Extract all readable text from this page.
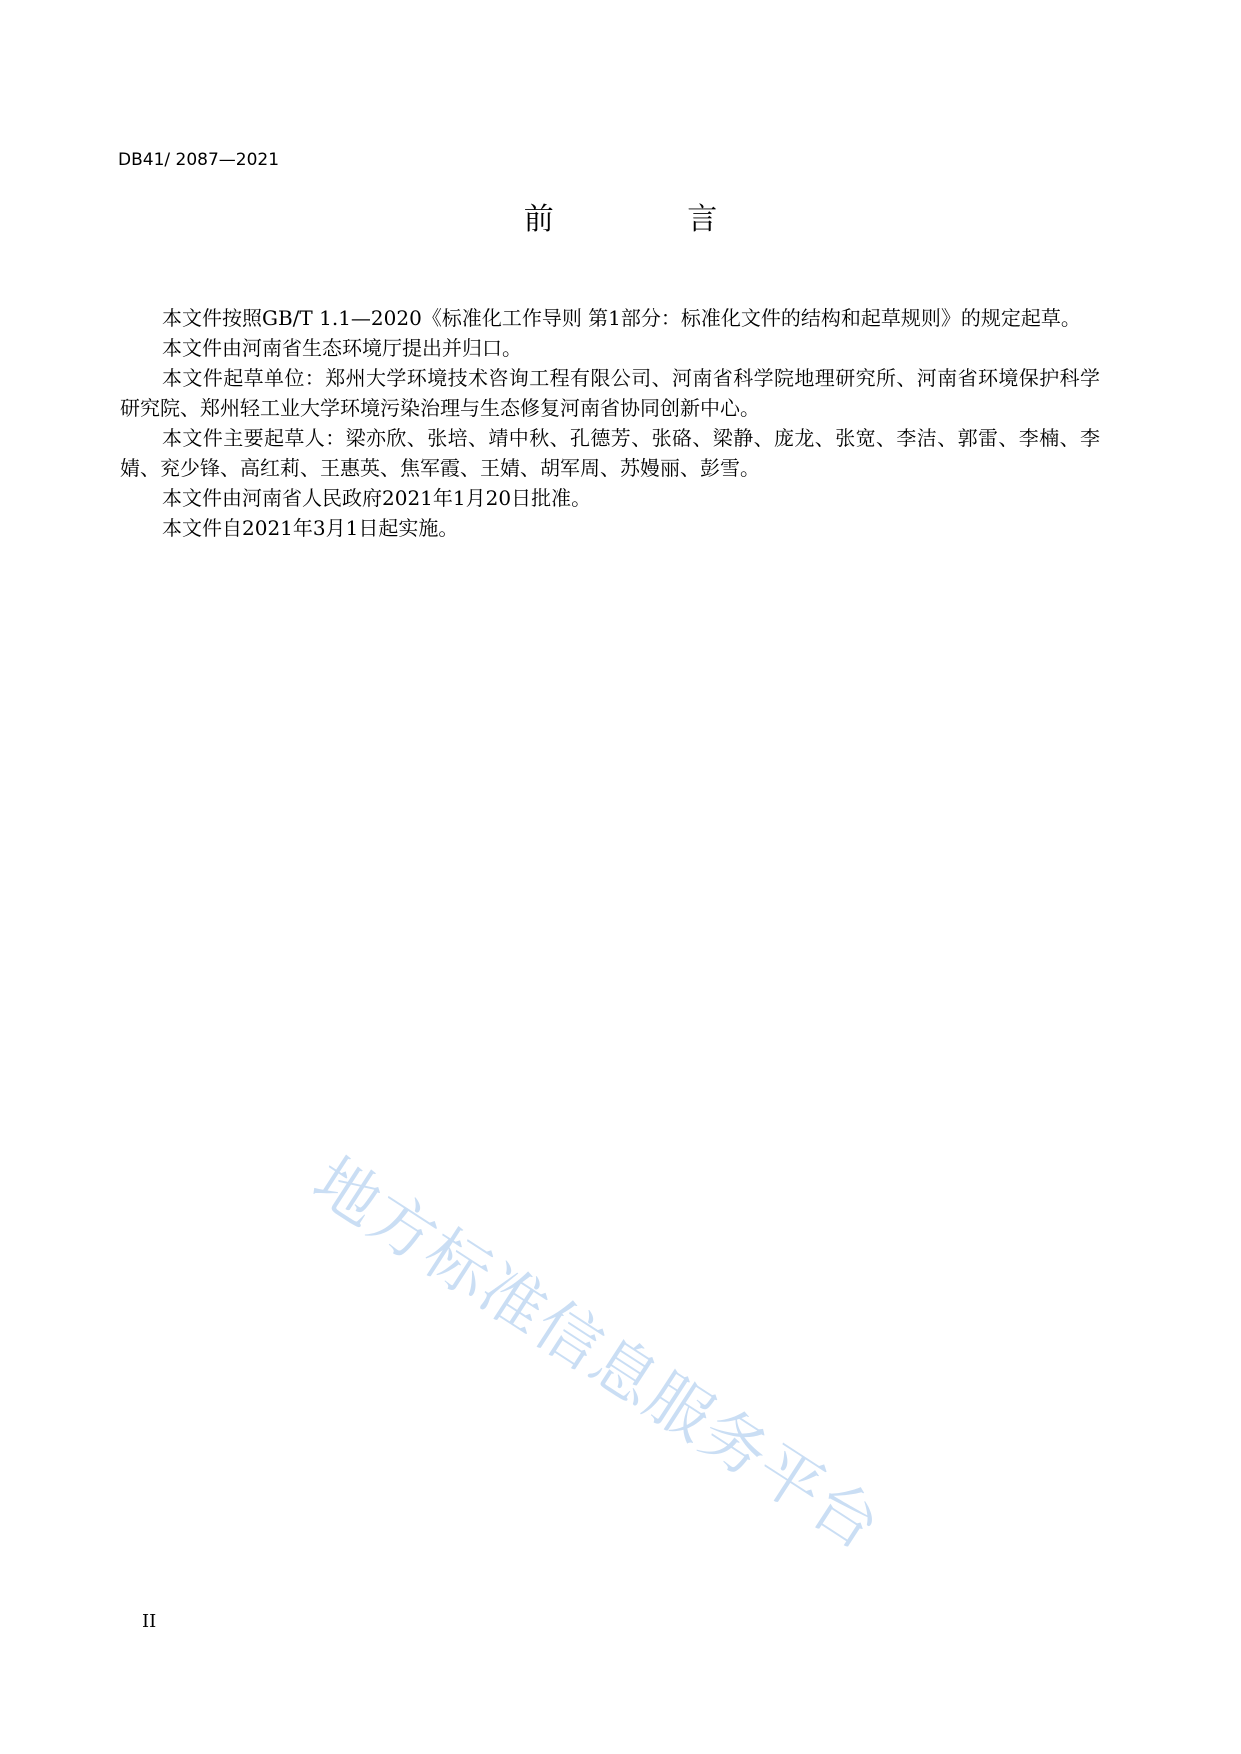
DB41/ 2087—2021
前 言

本文件按照GB/T 1.1—2020《标准化工作导则 第1部分：标准化文件的结构和起草规则》的规定起草。

本文件由河南省生态环境厅提出并归口。

本文件起草单位：郑州大学环境技术咨询工程有限公司、河南省科学院地理研究所、河南省环境保护科学研究院、郑州轻工业大学环境污染治理与生态修复河南省协同创新中心。

本文件主要起草人：梁亦欣、张培、靖中秋、孔德芳、张硌、梁静、庞龙、张宽、李洁、郭雷、李楠、李婧、兖少锋、高红莉、王惠英、焦军霞、王婧、胡军周、苏嫚丽、彭雪。

本文件由河南省人民政府2021年1月20日批准。

本文件自2021年3月1日起实施。

地方标准信息服务平台
II
